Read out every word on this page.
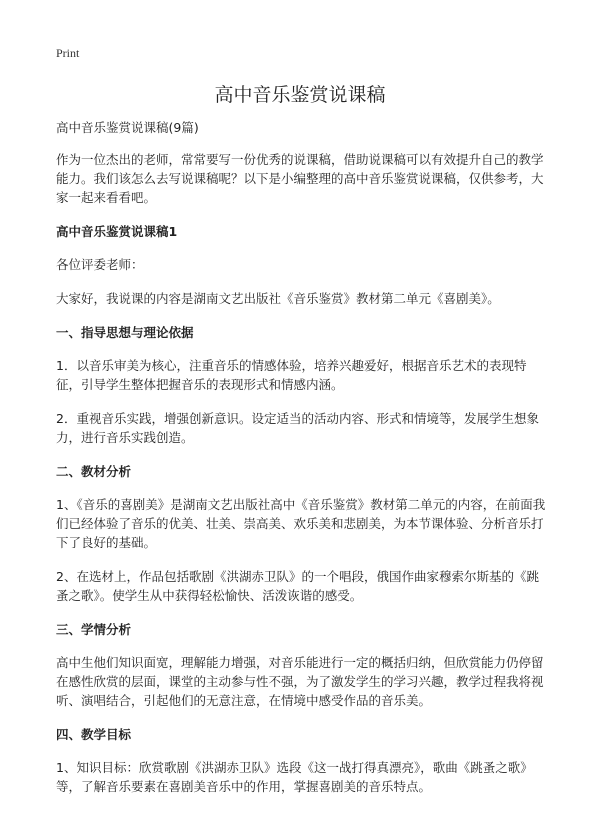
Print
高中音乐鉴赏说课稿

高中音乐鉴赏说课稿(9篇)

作为一位杰出的老师，常常要写一份优秀的说课稿，借助说课稿可以有效提升自己的教学能力。我们该怎么去写说课稿呢？以下是小编整理的高中音乐鉴赏说课稿，仅供参考，大家一起来看看吧。

高中音乐鉴赏说课稿1

各位评委老师：

大家好，我说课的内容是湖南文艺出版社《音乐鉴赏》教材第二单元《喜剧美》。

一、指导思想与理论依据

1．以音乐审美为核心，注重音乐的情感体验，培养兴趣爱好，根据音乐艺术的表现特征，引导学生整体把握音乐的表现形式和情感内涵。

2．重视音乐实践，增强创新意识。设定适当的活动内容、形式和情境等，发展学生想象力，进行音乐实践创造。

二、教材分析

1、《音乐的喜剧美》是湖南文艺出版社高中《音乐鉴赏》教材第二单元的内容，在前面我们已经体验了音乐的优美、壮美、崇高美、欢乐美和悲剧美，为本节课体验、分析音乐打下了良好的基础。

2、在选材上，作品包括歌剧《洪湖赤卫队》的一个唱段，俄国作曲家穆索尔斯基的《跳蚤之歌》。使学生从中获得轻松愉快、活泼诙谐的感受。

三、学情分析

高中生他们知识面宽，理解能力增强，对音乐能进行一定的概括归纳，但欣赏能力仍停留在感性欣赏的层面，课堂的主动参与性不强，为了激发学生的学习兴趣，教学过程我将视听、演唱结合，引起他们的无意注意，在情境中感受作品的音乐美。

四、教学目标

1、知识目标：欣赏歌剧《洪湖赤卫队》选段《这一战打得真漂亮》，歌曲《跳蚤之歌》等，了解音乐要素在喜剧美音乐中的作用，掌握喜剧美的音乐特点。
